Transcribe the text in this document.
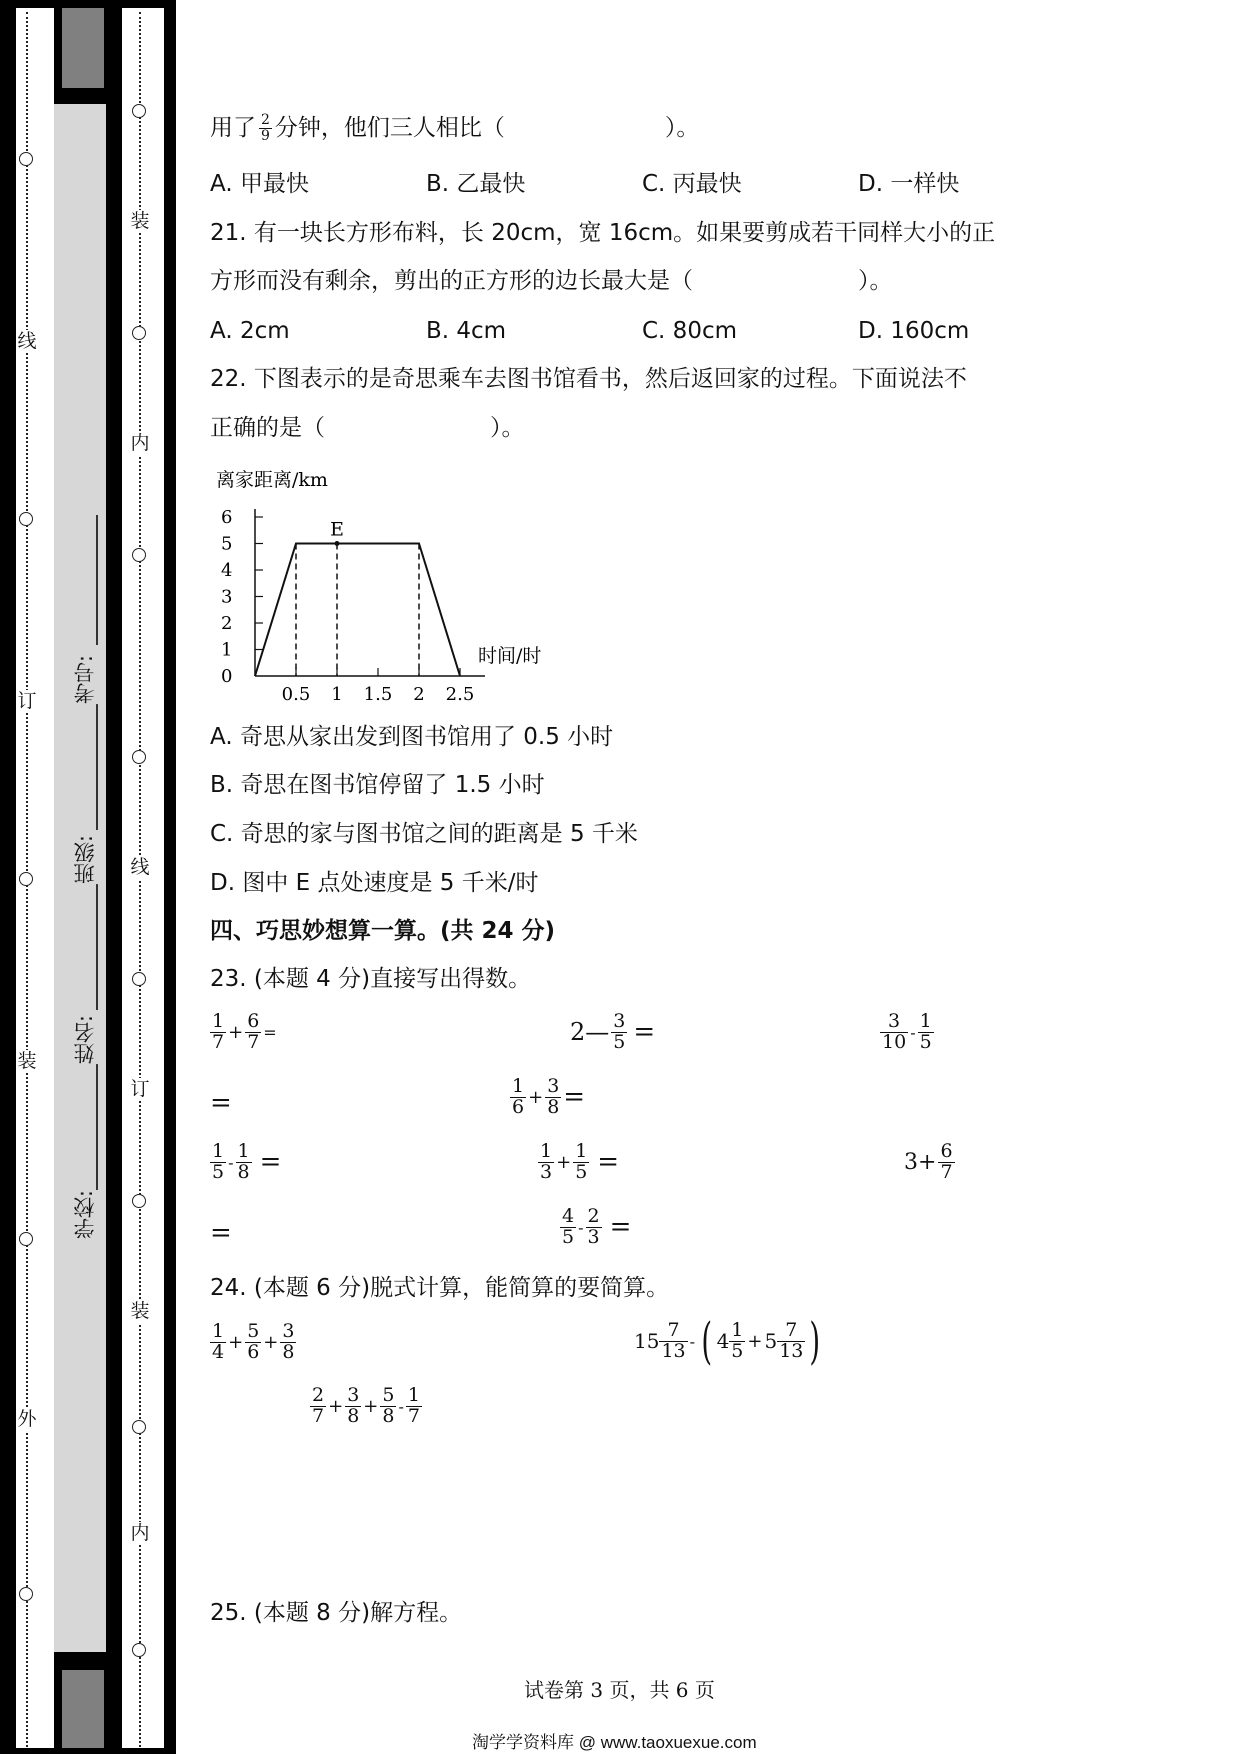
线
订
装
外
装
内
线
订
装
内
学校:
姓名:
班级:
考号:
用了 $\frac{2}{9}$ 分钟，他们三人相比（	）。
A. 甲最快	B. 乙最快	C. 丙最快	D. 一样快
21. 有一块长方形布料，长 20cm，宽 16cm。如果要剪成若干同样大小的正
方形而没有剩余，剪出的正方形的边长最大是（	）。
A. 2cm	B. 4cm	C. 80cm	D. 160cm
22. 下图表示的是奇思乘车去图书馆看书，然后返回家的过程。下面说法不
正确的是（	）。
离家距离/km
时间/时
0
1
2
3
4
5
6
0.5 1 1.5 2 2.5
E
A. 奇思从家出发到图书馆用了 0.5 小时
B. 奇思在图书馆停留了 1.5 小时
C. 奇思的家与图书馆之间的距离是 5 千米
D. 图中 E 点处速度是 5 千米/时
四、巧思妙想算一算。(共 24 分)
23. (本题 4 分)直接写出得数。
$\frac{1}{7} + \frac{6}{7}$ =	2— $\frac{3}{5}$ =	$\frac{3}{10} - \frac{1}{5}$
=	$\frac{1}{6} + \frac{3}{8}$ =
$\frac{1}{5} - \frac{1}{8}$ =	$\frac{1}{3} + \frac{1}{5}$ =	$3+ \frac{6}{7}$
=	$\frac{4}{5} - \frac{2}{3}$ =
24. (本题 6 分)脱式计算，能简算的要简算。
$\frac{1}{4} + \frac{5}{6} + \frac{3}{8}$	$15 \frac{7}{13}$ - ( $4 \frac{1}{5} + 5 \frac{7}{13}$ )
$\frac{2}{7} + \frac{3}{8} + \frac{5}{8} - \frac{1}{7}$
25. (本题 8 分)解方程。
试卷第 3 页，共 6 页
淘学学资料库 @ www.taoxuexue.com
